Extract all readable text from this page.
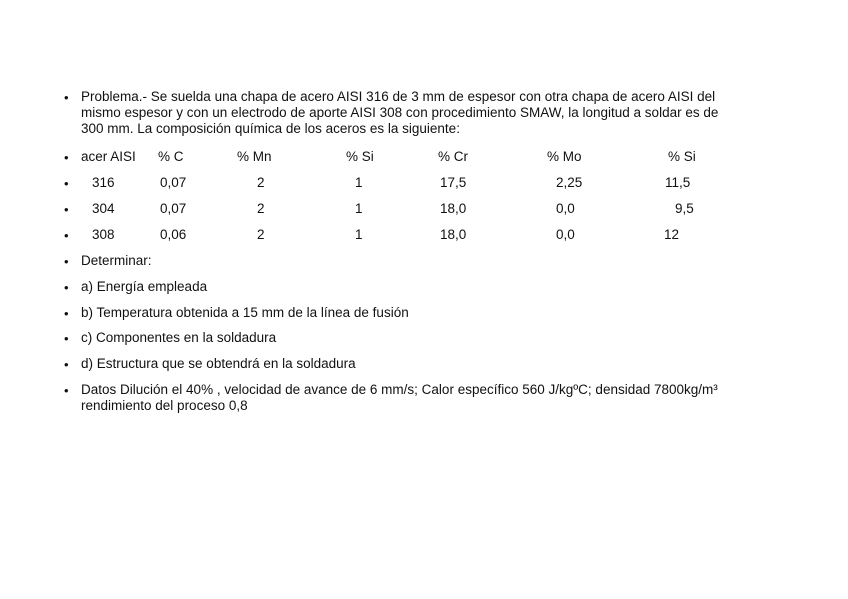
• Problema.- Se suelda una chapa de acero AISI 316 de 3 mm de espesor con otra chapa de acero AISI del
mismo espesor y con un electrodo de aporte AISI 308 con procedimiento SMAW, la longitud a soldar es de
300 mm. La composición química de los aceros es la siguiente:
• acer AISI % C	% Mn	% Si	% Cr	% Mo	% Si
•	316	0,07	2	1	17,5	2,25	11,5
•	304	0,07	2	1	18,0	0,0	9,5
•	308	0,06	2	1	18,0	0,0	12
• Determinar:
• a) Energía empleada
• b) Temperatura obtenida a 15 mm de la línea de fusión
• c) Componentes en la soldadura
• d) Estructura que se obtendrá en la soldadura
• Datos Dilución el 40% , velocidad de avance de 6 mm/s; Calor específico 560 J/kgºC; densidad 7800kg/m³
rendimiento del proceso 0,8
